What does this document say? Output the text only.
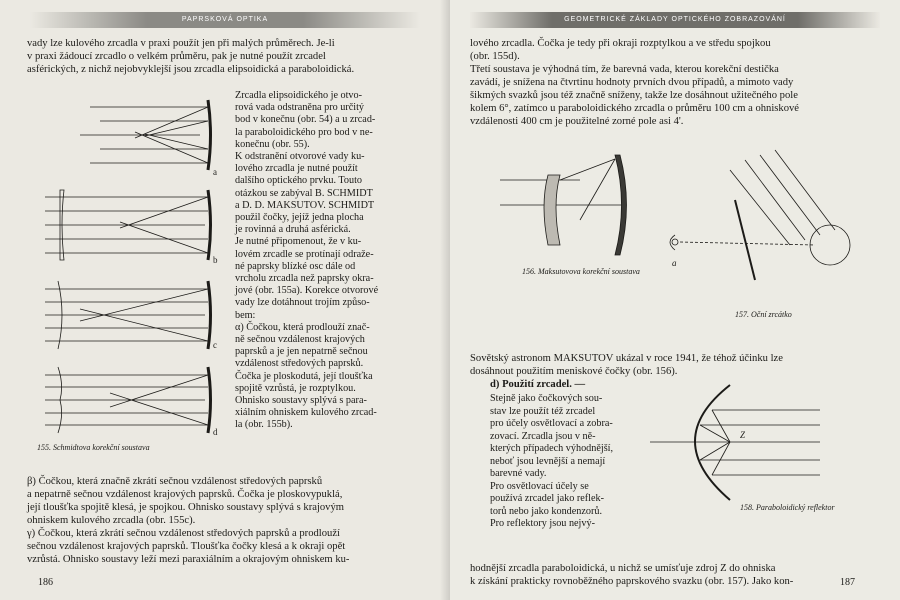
PAPRSKOVÁ OPTIKA
vady lze kulového zrcadla v praxi použít jen při malých průměrech. Je-li
v praxi žádoucí zrcadlo o velkém průměru, pak je nutné použít zrcadel
asférických, z nichž nejobvyklejší jsou zrcadla elipsoidická a paraboloidická.
Zrcadla elipsoidického je otvo-
rová vada odstraněna pro určitý
bod v konečnu (obr. 54) a u zrcad-
la paraboloidického pro bod v ne-
konečnu (obr. 55).
K odstranění otvorové vady ku-
lového zrcadla je nutné použít
dalšího optického prvku. Touto
otázkou se zabýval B. SCHMIDT
a D. D. MAKSUTOV. SCHMIDT
použil čočky, jejíž jedna plocha
je rovinná a druhá asférická.
Je nutné připomenout, že v ku-
lovém zrcadle se protínají odraže-
né paprsky blízké osc dále od
vrcholu zrcadla než paprsky okra-
jové (obr. 155a). Korekce otvorové
vady lze dotáhnout trojím způso-
bem:
α) Čočkou, která prodlouží znač-
ně sečnou vzdálenost krajových
paprsků a je jen nepatrně sečnou
vzdálenost středových paprsků.
Čočka je ploskodutá, její tloušťka
spojitě vzrůstá, je rozptylkou.
Ohnisko soustavy splývá s para-
xiálním ohniskem kulového zrcad-
la (obr. 155b).
a
b
c
d
155. Schmidtova korekční soustava
β) Čočkou, která značně zkrátí sečnou vzdálenost středových paprsků
a nepatrně sečnou vzdálenost krajových paprsků. Čočka je ploskovypuklá,
její tloušťka spojitě klesá, je spojkou. Ohnisko soustavy splývá s krajovým
ohniskem kulového zrcadla (obr. 155c).
γ) Čočkou, která zkrátí sečnou vzdálenost středových paprsků a prodlouží
sečnou vzdálenost krajových paprsků. Tloušťka čočky klesá a k okraji opět
vzrůstá. Ohnisko soustavy leží mezi paraxiálním a okrajovým ohniskem ku-
186
GEOMETRICKÉ ZÁKLADY OPTICKÉHO ZOBRAZOVÁNÍ
lového zrcadla. Čočka je tedy při okraji rozptylkou a ve středu spojkou
(obr. 155d).
Třetí soustava je výhodná tím, že barevná vada, kterou korekční destička
zavádí, je snížena na čtvrtinu hodnoty prvních dvou případů, a mimoto vady
šikmých svazků jsou též značně sníženy, takže lze dosáhnout užitečného pole
kolem 6°, zatímco u paraboloidického zrcadla o průměru 100 cm a ohniskové
vzdálenosti 400 cm je použitelné zorné pole asi 4'.
156. Maksutovova korekční soustava
a
157. Oční zrcátko
Sovětský astronom MAKSUTOV ukázal v roce 1941, že téhož účinku lze
dosáhnout použitím meniskové čočky (obr. 156).
d) Použití zrcadel. —
Stejně jako čočkových sou-
stav lze použít též zrcadel
pro účely osvětlovací a zobra-
zovací. Zrcadla jsou v ně-
kterých případech výhodnější,
neboť jsou levnější a nemají
barevné vady.
Pro osvětlovací účely se
používá zrcadel jako reflek-
torů nebo jako kondenzorů.
Pro reflektory jsou nejvý-
Z
158. Paraboloidický reflektor
hodnější zrcadla paraboloidická, u nichž se umísťuje zdroj Z do ohniska
k získání prakticky rovnoběžného paprskového svazku (obr. 157). Jako kon-	187
